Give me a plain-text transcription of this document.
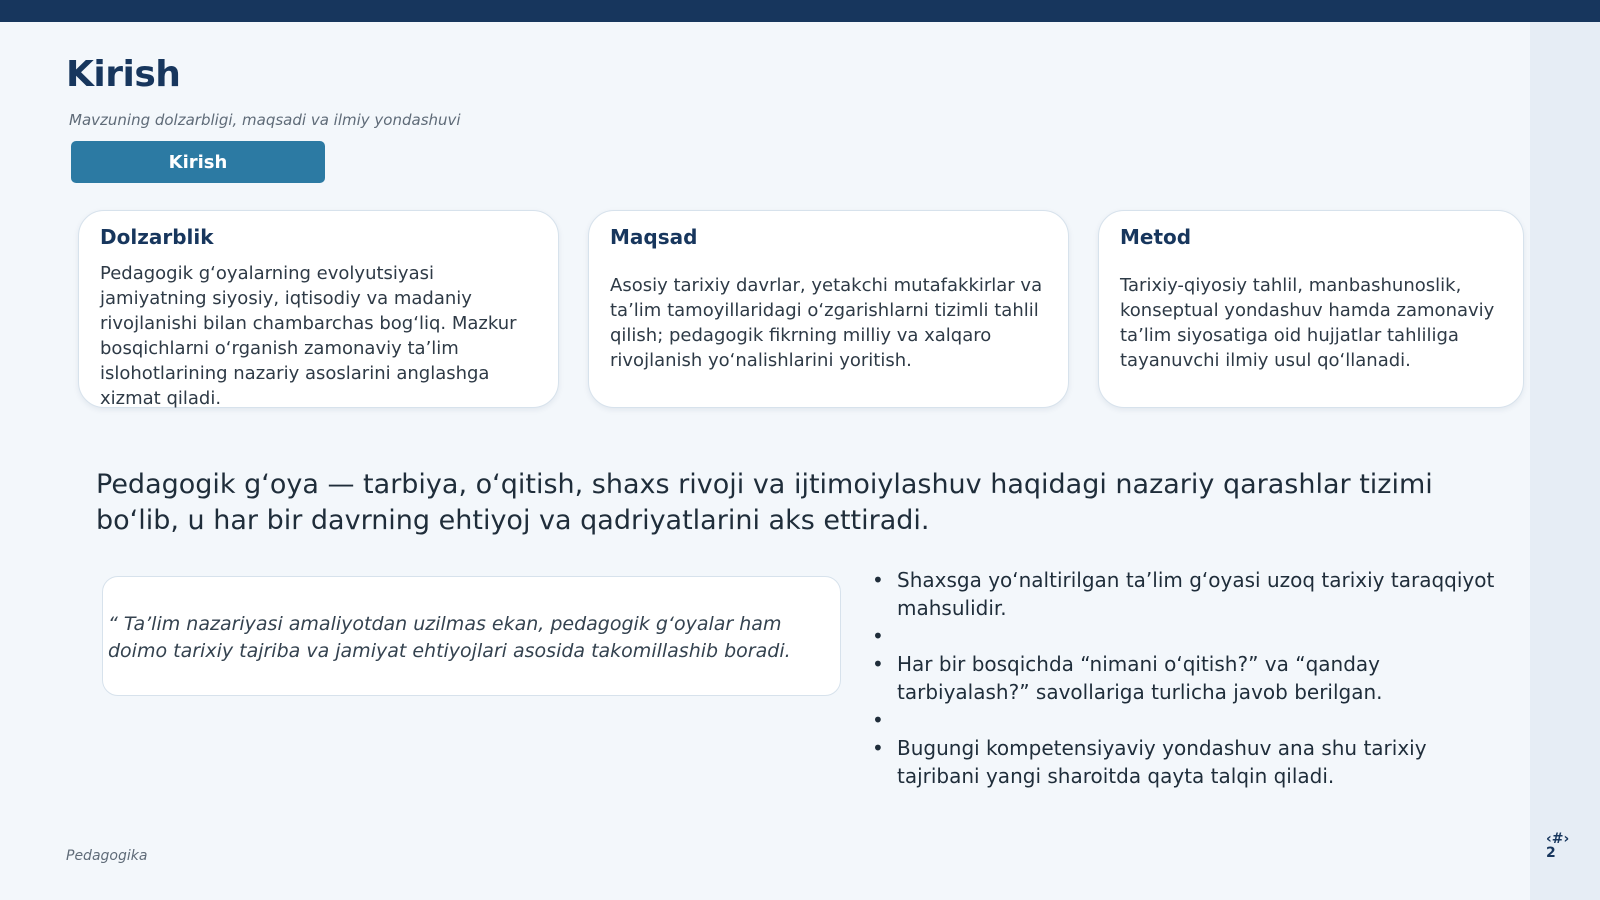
Kirish
Mavzuning dolzarbligi, maqsadi va ilmiy yondashuvi
Kirish
Dolzarblik

Pedagogik g‘oyalarning evolyutsiyasi jamiyatning siyosiy, iqtisodiy va madaniy rivojlanishi bilan chambarchas bog‘liq. Mazkur bosqichlarni o‘rganish zamonaviy ta’lim islohotlarining nazariy asoslarini anglashga xizmat qiladi.

Maqsad

Asosiy tarixiy davrlar, yetakchi mutafakkirlar va ta’lim tamoyillaridagi o‘zgarishlarni tizimli tahlil qilish; pedagogik fikrning milliy va xalqaro rivojlanish yo‘nalishlarini yoritish.

Metod

Tarixiy-qiyosiy tahlil, manbashunoslik, konseptual yondashuv hamda zamonaviy ta’lim siyosatiga oid hujjatlar tahliliga tayanuvchi ilmiy usul qo‘llanadi.

Pedagogik g‘oya — tarbiya, o‘qitish, shaxs rivoji va ijtimoiylashuv haqidagi nazariy qarashlar tizimi bo‘lib, u har bir davrning ehtiyoj va qadriyatlarini aks ettiradi.

“ Ta’lim nazariyasi amaliyotdan uzilmas ekan, pedagogik g‘oyalar ham doimo tarixiy tajriba va jamiyat ehtiyojlari asosida takomillashib boradi.

• Shaxsga yo‘naltirilgan ta’lim g‘oyasi uzoq tarixiy taraqqiyot mahsulidir.
•
• Har bir bosqichda “nimani o‘qitish?” va “qanday tarbiyalash?” savollariga turlicha javob berilgan.
•
• Bugungi kompetensiyaviy yondashuv ana shu tarixiy tajribani yangi sharoitda qayta talqin qiladi.
Pedagogika
‹#›
2
